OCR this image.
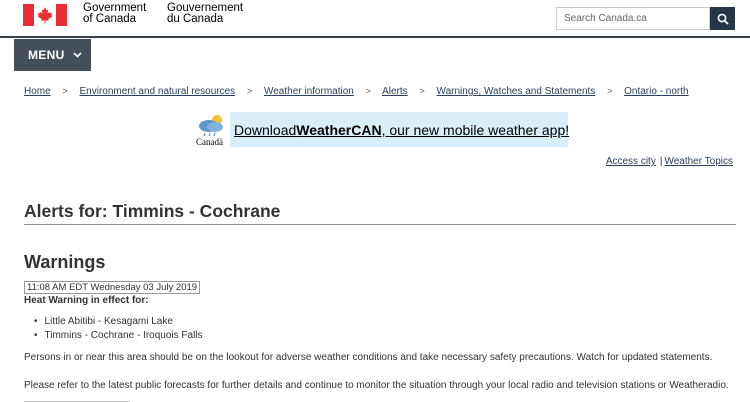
Government
of Canada
Gouvernement
du Canada
Search Canada.ca
MENU
Home > Environment and natural resources > Weather information > Alerts > Warnings, Watches and Statements > Ontario - north
Canadä
Download WeatherCAN , our new mobile weather app!
Access city | Weather Topics
Alerts for: Timmins - Cochrane
Warnings
11:08 AM EDT Wednesday 03 July 2019
Heat Warning in effect for:
• Little Abitibi - Kesagami Lake
• Timmins - Cochrane - Iroquois Falls

Persons in or near this area should be on the lookout for adverse weather conditions and take necessary safety precautions. Watch for updated statements.

Please refer to the latest public forecasts for further details and continue to monitor the situation through your local radio and television stations or Weatheradio.
